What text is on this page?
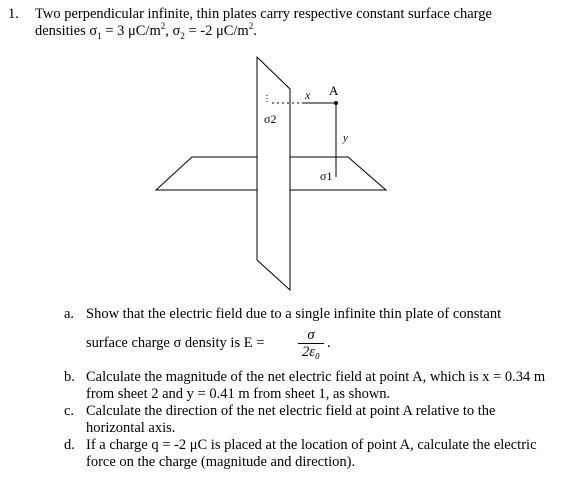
1. Two perpendicular infinite, thin plates carry respective constant surface charge
densities $\sigma_1 = 3$ $\mu C/m^2$, $\sigma_2 = -2$ $\mu C/m^2$.
x A
y
σ2
σ1
a. Show that the electric field due to a single infinite thin plate of constant
surface charge σ density is $E = \frac{\sigma}{\text{2ε₀}}$ .
b. Calculate the magnitude of the net electric field at point A, which is x = 0.34 m from sheet 2 and y = 0.41 m from sheet 1, as shown.
c. Calculate the direction of the net electric field at point A relative to the horizontal axis.
d. If a charge q = -2 μC is placed at the location of point A, calculate the electric force on the charge (magnitude and direction).
